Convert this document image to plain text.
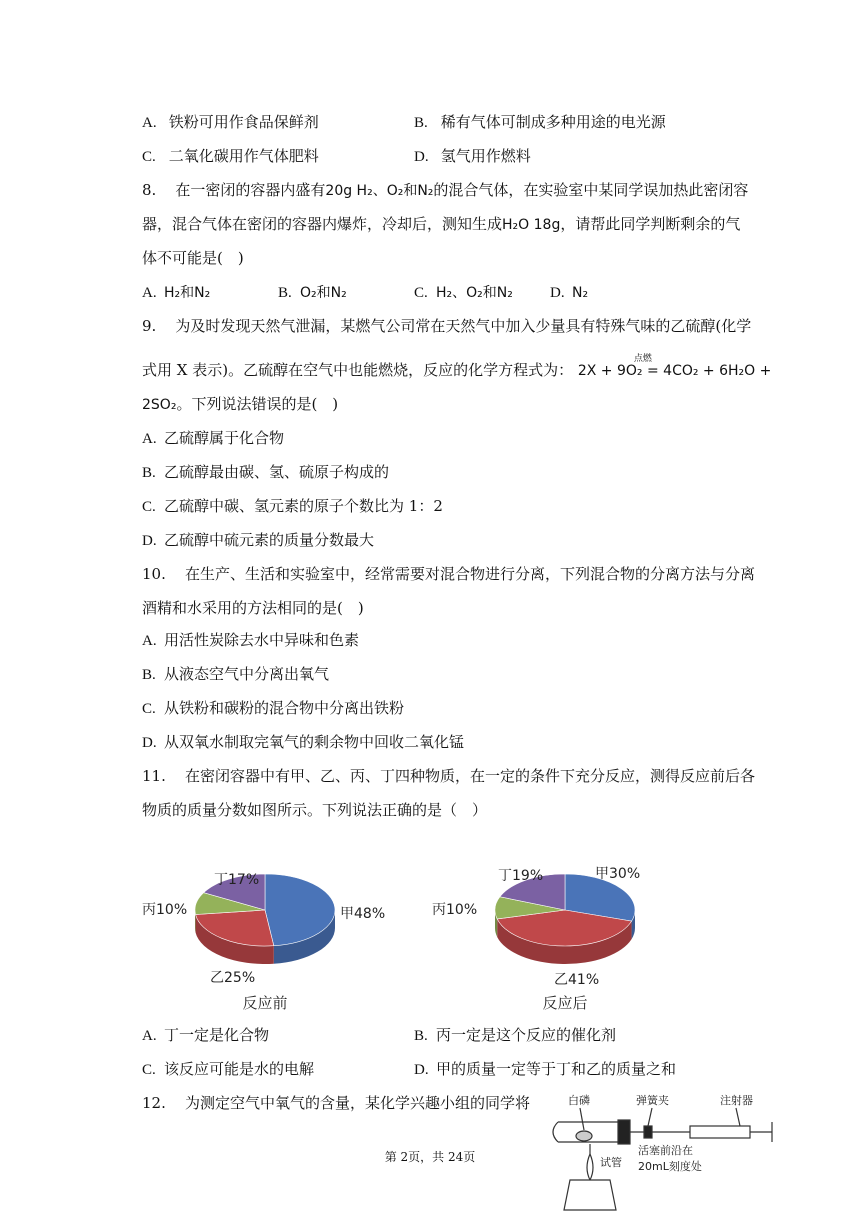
A. 铁粉可用作食品保鲜剂	B. 稀有气体可制成多种用途的电光源
C. 二氧化碳用作气体肥料	D. 氢气用作燃料
8. 在一密闭的容器内盛有20g H₂、O₂和N₂的混合气体，在实验室中某同学误加热此密闭容
器，混合气体在密闭的容器内爆炸，冷却后，测知生成H₂O 18g，请帮此同学判断剩余的气
体不可能是(　)
A. H₂和N₂	B. O₂和N₂	C. H₂、O₂和N₂ D. N₂
9. 为及时发现天然气泄漏，某燃气公司常在天然气中加入少量具有特殊气味的乙硫醇(化学
式用 X 表示)。乙硫醇在空气中也能燃烧，反应的化学方程式为：
点燃
2X + 9O₂ = 4CO₂ + 6H₂O +
2SO₂。下列说法错误的是(　)
A. 乙硫醇属于化合物
B. 乙硫醇最由碳、氢、硫原子构成的
C. 乙硫醇中碳、氢元素的原子个数比为 1：2
D. 乙硫醇中硫元素的质量分数最大
10. 在生产、生活和实验室中，经常需要对混合物进行分离，下列混合物的分离方法与分离
酒精和水采用的方法相同的是(　)
A. 用活性炭除去水中异味和色素
B. 从液态空气中分离出氧气
C. 从铁粉和碳粉的混合物中分离出铁粉
D. 从双氧水制取完氧气的剩余物中回收二氧化锰
11. 在密闭容器中有甲、乙、丙、丁四种物质，在一定的条件下充分反应，测得反应前后各
物质的质量分数如图所示。下列说法正确的是（　）
甲48%
乙25%
丙10%
丁17%
反应前
甲30%
乙41%
丙10%
丁19%
反应后
A. 丁一定是化合物	B. 丙一定是这个反应的催化剂
C. 该反应可能是水的电解	D. 甲的质量一定等于丁和乙的质量之和
12. 为测定空气中氧气的含量，某化学兴趣小组的同学将	白磷	弹簧夹	注射器
试管
活塞前沿在
20mL刻度处
第 2页，共 24页
